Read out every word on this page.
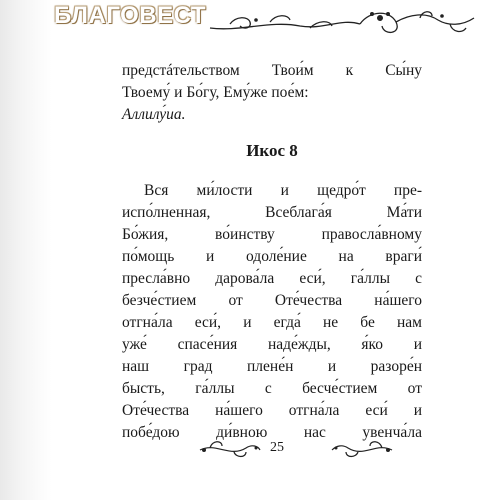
БЛАГОВЕСТ
предстáтельством Твои́м к Сы́ну
Твоему́ и Бо́гу, Ему́же пое́м:
Аллилу́иа.
Икос 8
Вся ми́лости и щедро́т пре-
испо́лненная, Всеблага́я Ма́ти
Бо́жия, во́инству правосла́вному
по́мощь и одоле́ние на враги́
пресла́вно дарова́ла еси́, га́ллы с
безче́стием от Оте́чества на́шего
отгна́ла еси́, и егда́ не бе нам
уже́ спасе́ния наде́жды, я́ко и
наш град плене́н и разоре́н
бысть, га́ллы с бесче́стием от
Оте́чества на́шего отгна́ла еси́ и
побе́дою ди́вною нас увенча́ла
25
